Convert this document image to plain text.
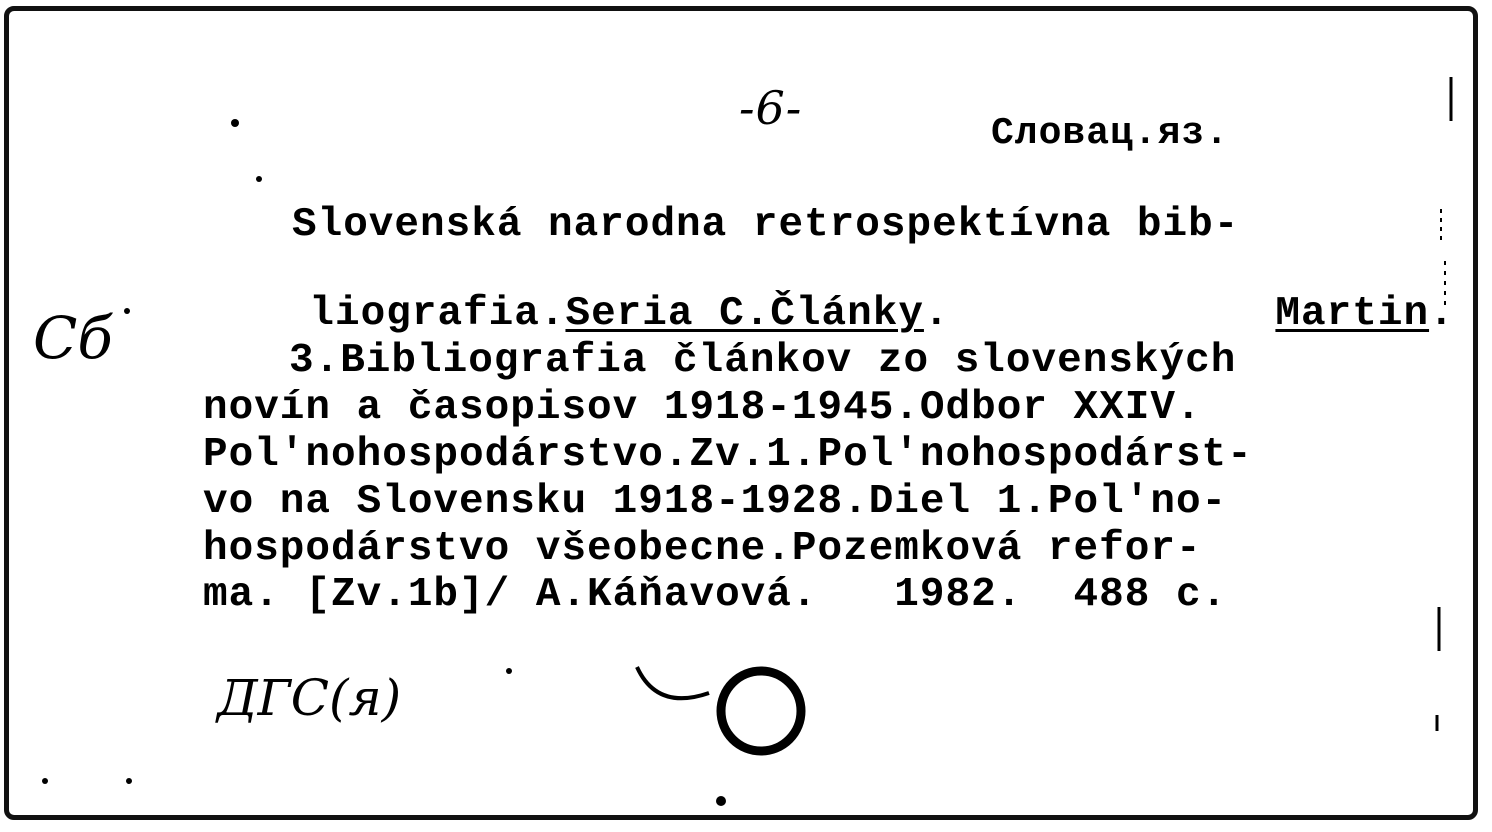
-6-	Словац.яз.
Slovenská narodna retrospektívna bib-

liografia.Seria C.Články.
	Martin.

3.Bibliografia článkov zo slovenských
novín a časopisov 1918-1945.Odbor XXIV.
Pol'nohospodárstvo.Zv.1.Pol'nohospodárst-
vo na Slovensku 1918-1928.Diel 1.Pol'no-
hospodárstvo všeobecne.Pozemková refor-
ma. [Zv.1b]/ A.Káňavová.   1982.  488 c.
Cб
ДГС(я)
